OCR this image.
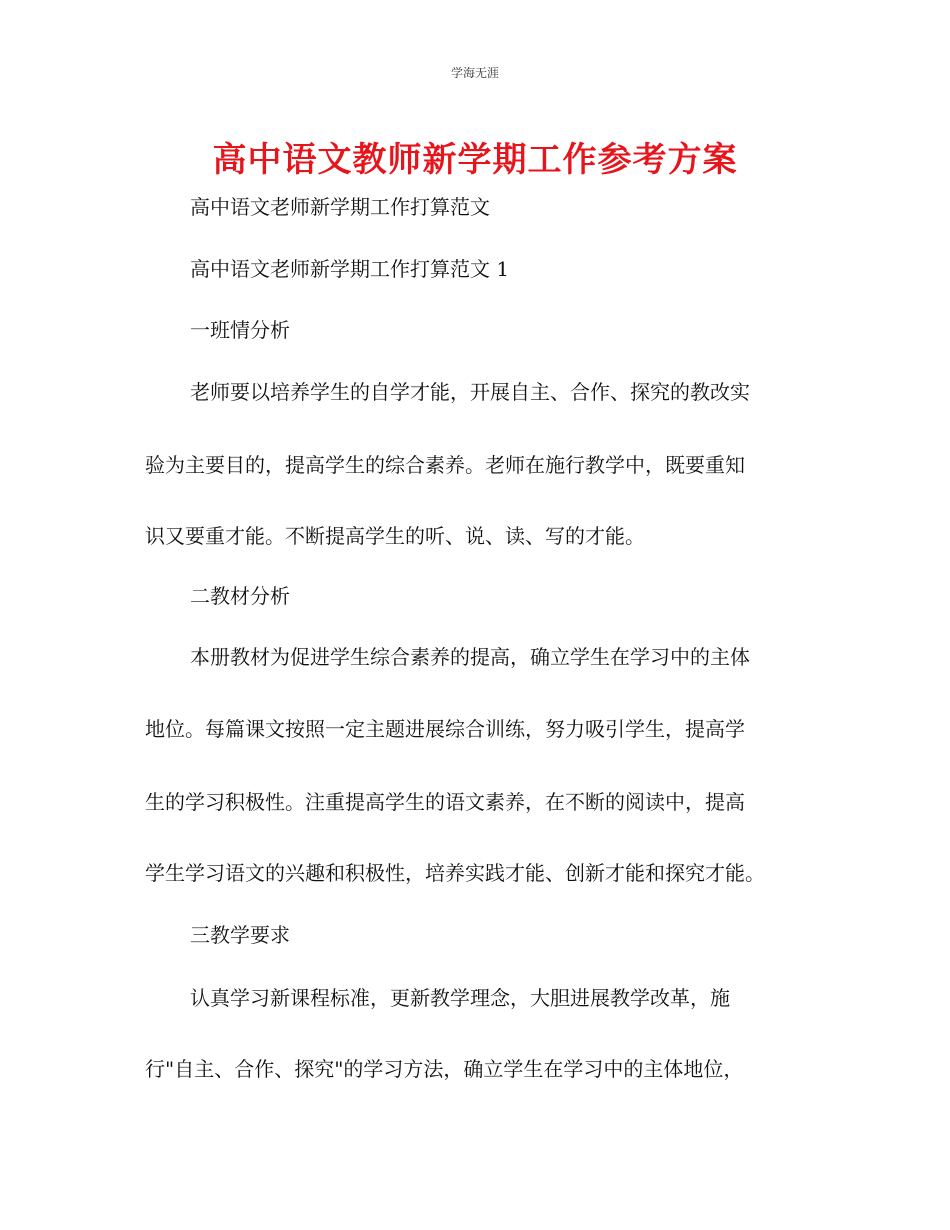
学海无涯
高中语文教师新学期工作参考方案
高中语文老师新学期工作打算范文
高中语文老师新学期工作打算范文 1
一班情分析
老师要以培养学生的自学才能，开展自主、合作、探究的教改实
验为主要目的，提高学生的综合素养。老师在施行教学中，既要重知
识又要重才能。不断提高学生的听、说、读、写的才能。
二教材分析
本册教材为促进学生综合素养的提高，确立学生在学习中的主体
地位。每篇课文按照一定主题进展综合训练，努力吸引学生，提高学
生的学习积极性。注重提高学生的语文素养，在不断的阅读中，提高
学生学习语文的兴趣和积极性，培养实践才能、创新才能和探究才能。
三教学要求
认真学习新课程标准，更新教学理念，大胆进展教学改革，施
行"自主、合作、探究"的学习方法，确立学生在学习中的主体地位，
